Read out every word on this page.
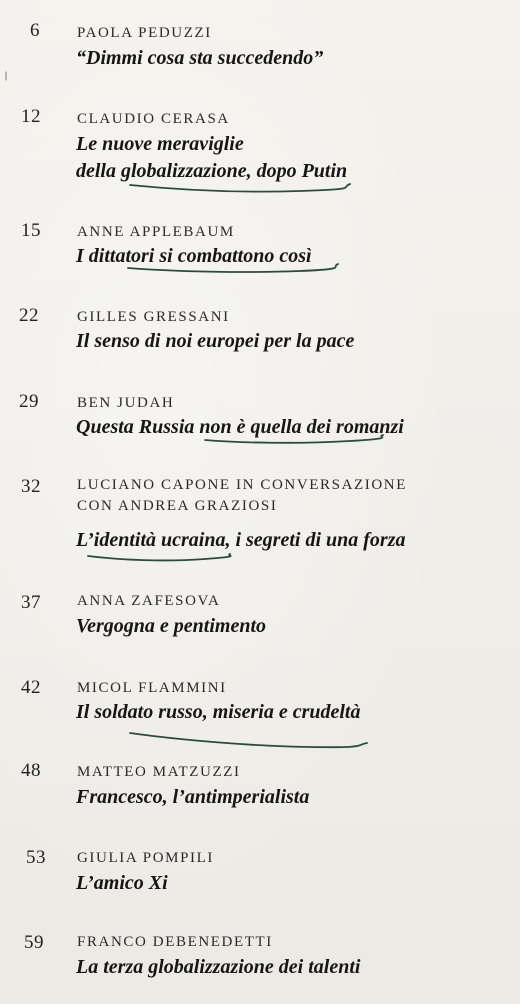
6 PAOLA PEDUZZI
“Dimmi cosa sta succedendo”
12 CLAUDIO CERASA
Le nuove meraviglie
della globalizzazione, dopo Putin
15 ANNE APPLEBAUM
I dittatori si combattono così
22	GILLES GRESSANI
Il senso di noi europei per la pace
29	BEN JUDAH
Questa Russia non è quella dei romanzi
32 LUCIANO CAPONE IN CONVERSAZIONE
CON ANDREA GRAZIOSI
L’identità ucraina, i segreti di una forza
37 ANNA ZAFESOVA
Vergogna e pentimento
42 MICOL FLAMMINI
Il soldato russo, miseria e crudeltà
48 MATTEO MATZUZZI
Francesco, l’antimperialista
53 GIULIA POMPILI
L’amico Xi
59 FRANCO DEBENEDETTI
La terza globalizzazione dei talenti
